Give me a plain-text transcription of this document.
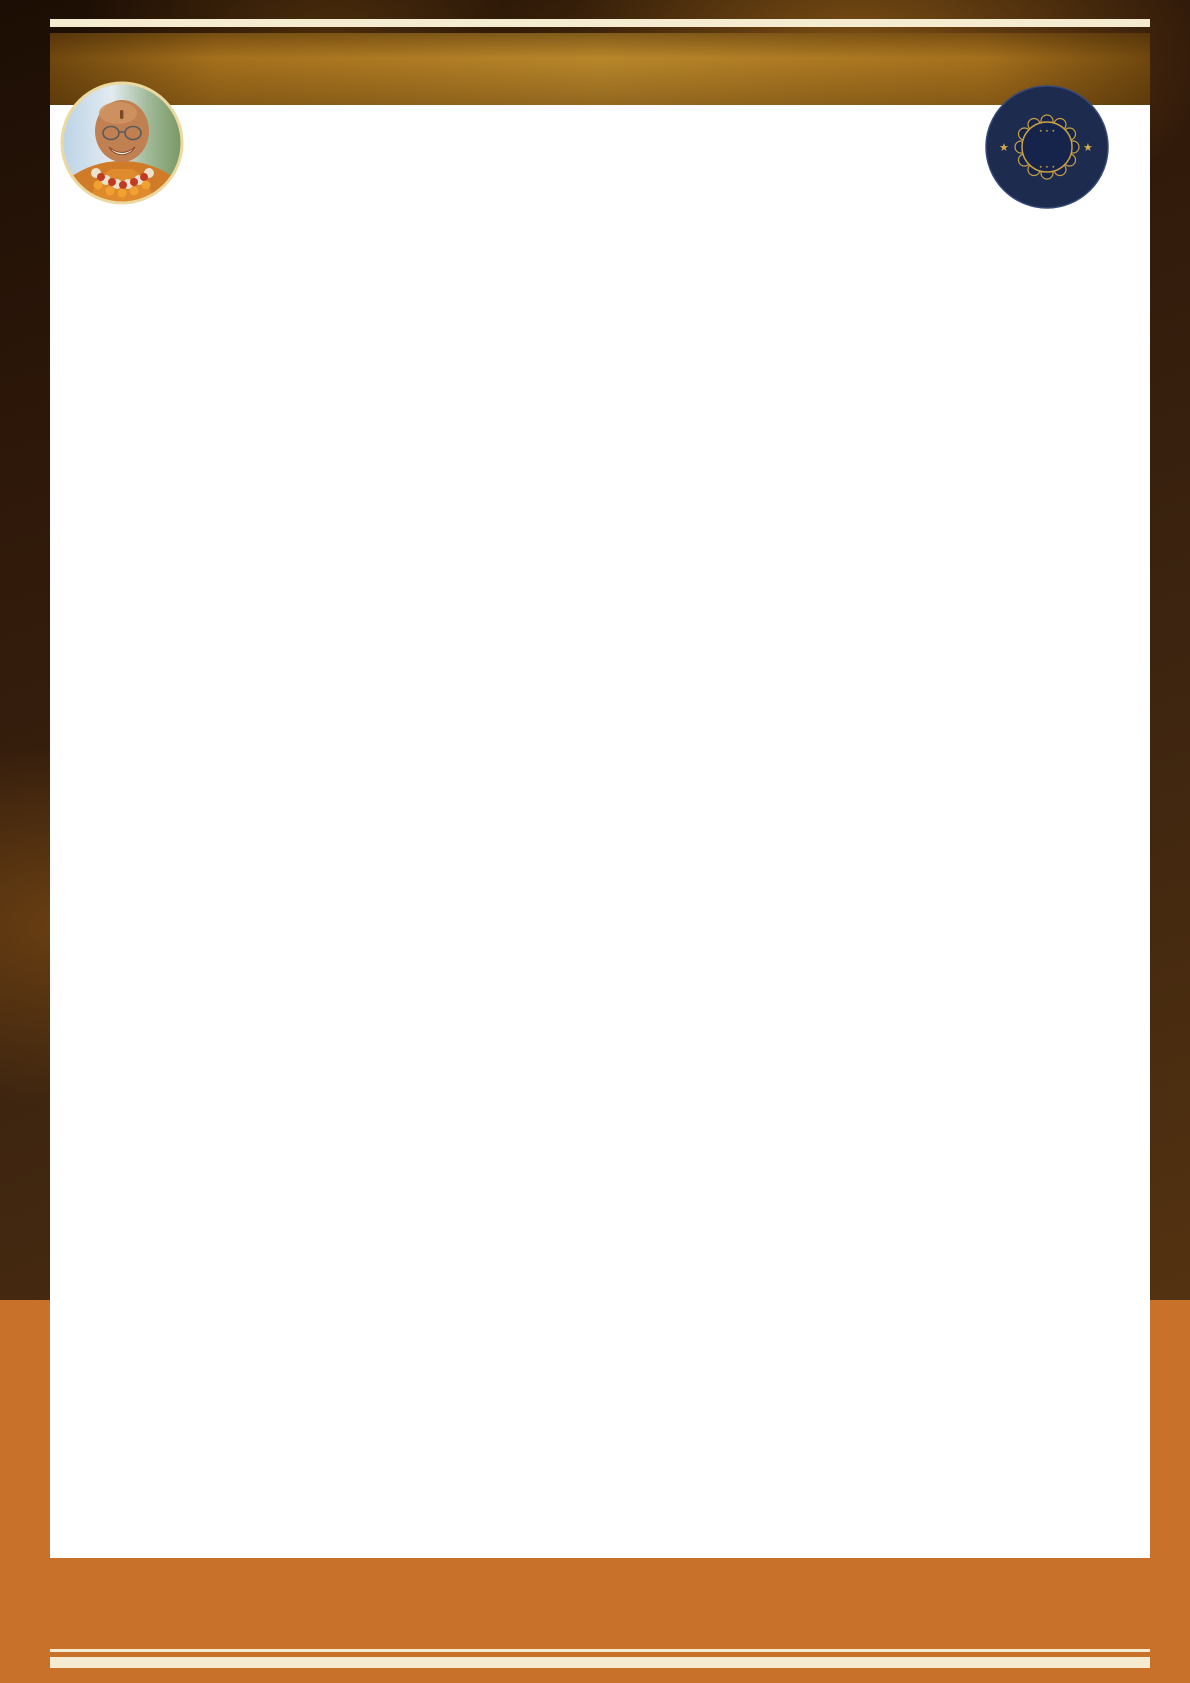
⋆ ⋆ ⋆
⋆ ⋆ ⋆
★	★
